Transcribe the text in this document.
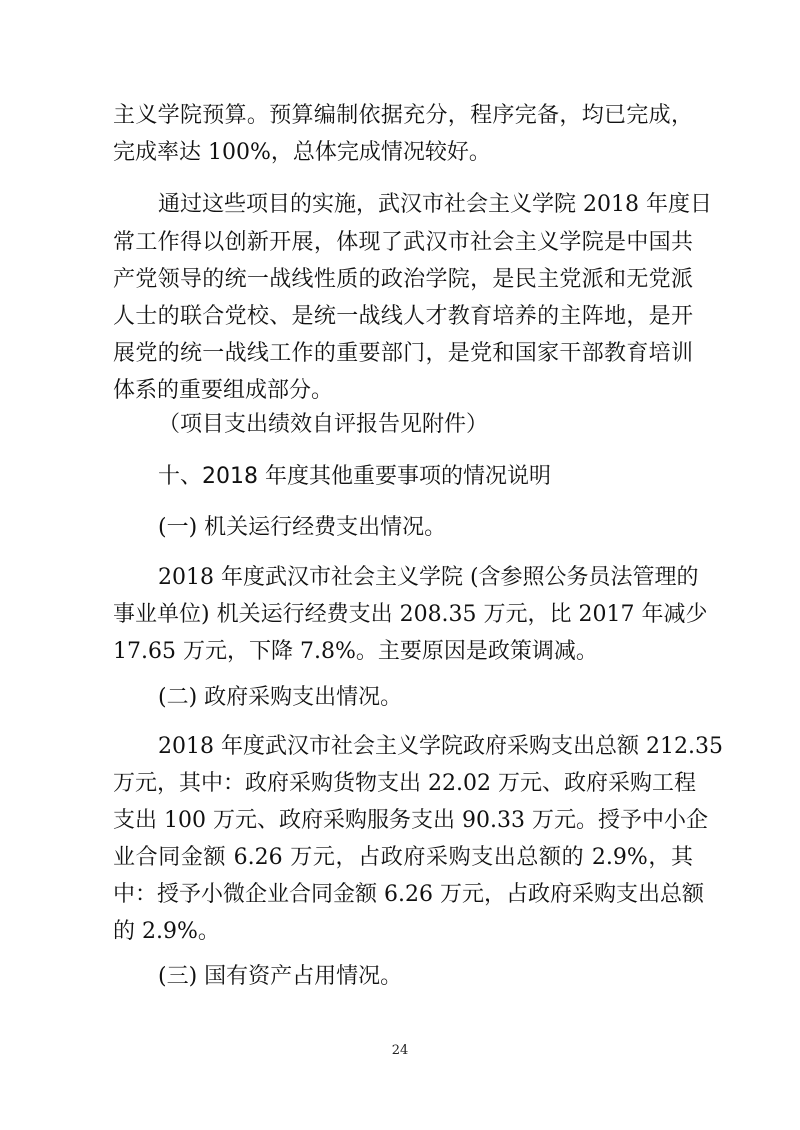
主义学院预算。预算编制依据充分，程序完备，均已完成，

完成率达 100%，总体完成情况较好。

通过这些项目的实施，武汉市社会主义学院 2018 年度日

常工作得以创新开展，体现了武汉市社会主义学院是中国共

产党领导的统一战线性质的政治学院，是民主党派和无党派

人士的联合党校、是统一战线人才教育培养的主阵地，是开

展党的统一战线工作的重要部门，是党和国家干部教育培训

体系的重要组成部分。

（项目支出绩效自评报告见附件）

十、2018 年度其他重要事项的情况说明

(一) 机关运行经费支出情况。

2018 年度武汉市社会主义学院 (含参照公务员法管理的

事业单位) 机关运行经费支出 208.35 万元，比 2017 年减少

17.65 万元，下降 7.8%。主要原因是政策调减。

(二) 政府采购支出情况。

2018 年度武汉市社会主义学院政府采购支出总额 212.35

万元，其中：政府采购货物支出 22.02 万元、政府采购工程

支出 100 万元、政府采购服务支出 90.33 万元。授予中小企

业合同金额 6.26 万元，占政府采购支出总额的 2.9%，其

中：授予小微企业合同金额 6.26 万元，占政府采购支出总额

的 2.9%。

(三) 国有资产占用情况。

24
